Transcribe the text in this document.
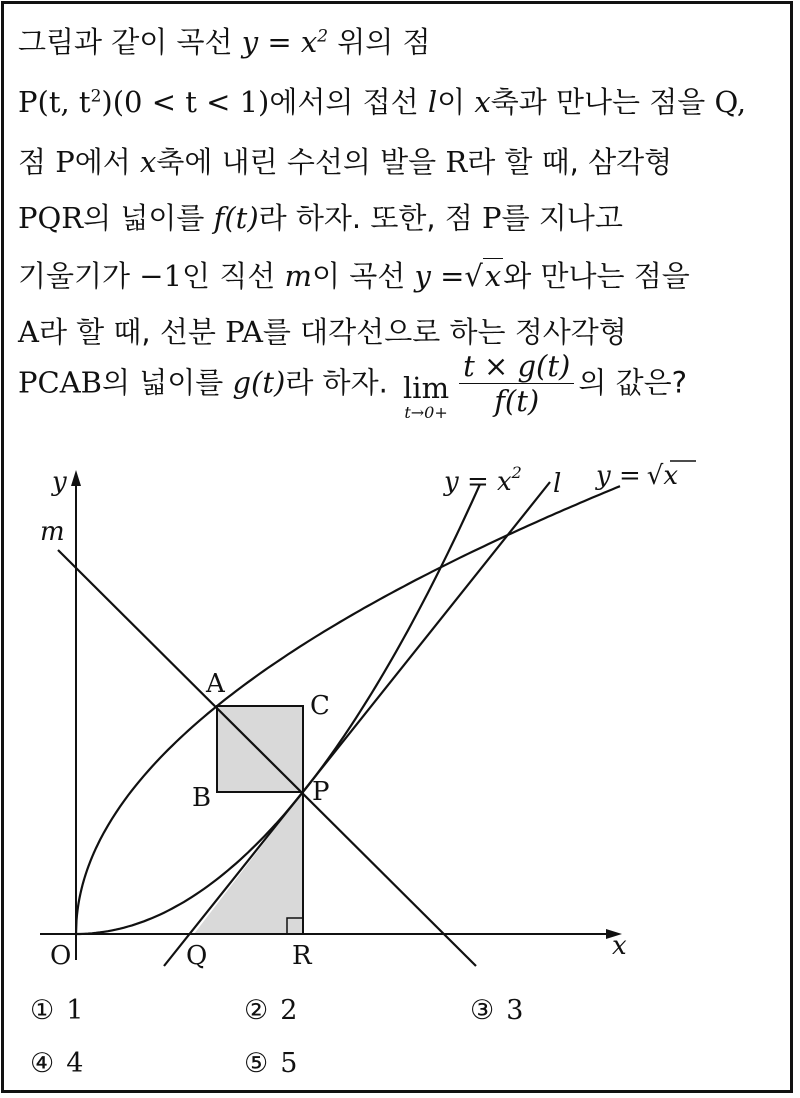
그림과 같이 곡선 $y = x^2$ 위의 점
P(t, $t^2)(0 < t < 1)$에서의 접선 l이 x축과 만나는 점을 Q,
점 P에서 x축에 내린 수선의 발을 R라 할 때, 삼각형
PQR의 넓이를 f(t)라 하자. 또한, 점 P를 지나고
기울기가 −1인 직선 m이 곡선 y =√x와 만나는 점을
A라 할 때, 선분 PA를 대각선으로 하는 정사각형
PCAB의 넓이를 g(t)라 하자. lim
$t\to 0+ \frac{t \times g(t)}{f(t)}$ 의 값은?
y
x
O
m
$y = x^2$ l y = √x
A
B
C
P
Q	R
① 1	② 2	③ 3
④ 4	⑤ 5
